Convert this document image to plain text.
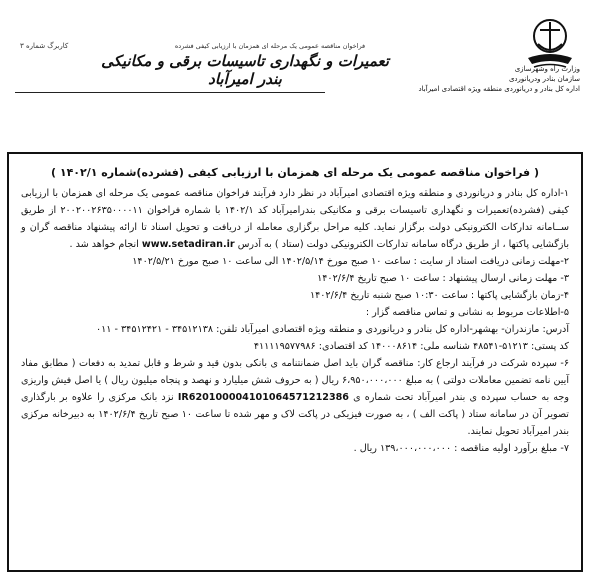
وزارت راه وشهرسازی
سازمان بنادر ودریانوردی
اداره کل بنادر و دریانوردی منطقه ویژه اقتصادی امیرآباد
کاربرگ شماره ۳	فراخوان مناقصه عمومی یک مرحله ای همزمان با ارزیابی کیفی فشرده
تعمیرات و نگهداری تاسیسات برقی و مکانیکی بندر امیرآباد
( فراخوان مناقصه عمومی یک مرحله ای همزمان با ارزیابی کیفی (فشرده)شماره ۱۴۰۲/۱ )

۱-اداره کل بنادر و دریانوردی و منطقه ویژه اقتصادی امیرآباد در نظر دارد فرآیند فراخوان مناقصه عمومی یک مرحله ای همزمان با ارزیابی کیفی (فشرده)تعمیرات و نگهداری تاسیسات برقی و مکانیکی بندرامیرآباد کد ۱۴۰۲/۱ با شماره فراخوان ۲۰۰۲۰۰۲۶۳۵۰۰۰۰۱۱ از طریق ســامانه تدارکات الکترونیکی دولت برگزار نماید. کلیه مراحل برگزاری معامله از دریافت و تحویل اسناد تا ارائه پیشنهاد مناقصه گران و بازگشایی پاکتها ، از طریق درگاه سامانه تدارکات الکترونیکی دولت (ستاد ) به آدرس www.setadiran.ir انجام خواهد شد .

۲-مهلت زمانی دریافت اسناد از سایت : ساعت ۱۰ صبح مورخ ۱۴۰۲/۵/۱۴ الی ساعت ۱۰ صبح مورخ ۱۴۰۲/۵/۲۱

۳- مهلت زمانی ارسال پیشنهاد : ساعت ۱۰ صبح تاریخ ۱۴۰۲/۶/۴

۴-زمان بازگشایی پاکتها : ساعت ۱۰:۳۰ صبح شنبه تاریخ ۱۴۰۲/۶/۴

۵-اطلاعات مربوط به نشانی و تماس مناقصه گزار :

آدرس: مازندران- بهشهر-اداره کل بنادر و دریانوردی و منطقه ویژه اقتصادی امیرآباد تلفن: ۳۴۵۱۲۱۳۸ - ۳۴۵۱۲۴۲۱ - ۰۱۱

کد پستی: ۵۱۲۱۳-۴۸۵۴۱ شناسه ملی: ۱۴۰۰۰۸۶۱۴ کد اقتصادی: ۴۱۱۱۱۹۵۷۷۹۸۶

۶- سپرده شرکت در فرآیند ارجاع کار: مناقصه گران باید اصل ضمانتنامه ی بانکی بدون قید و شرط و قابل تمدید به دفعات ( مطابق مفاد آیین نامه تضمین معاملات دولتی ) به مبلغ ۶،۹۵۰،۰۰۰،۰۰۰ ریال ( به حروف شش میلیارد و نهصد و پنجاه میلیون ریال ) یا اصل فیش واریزی وجه به حساب سپرده ی بندر امیرآباد تحت شماره ی IR620100004101064571212386 نزد بانک مرکزی را علاوه بر بارگذاری تصویر آن در سامانه ستاد ( پاکت الف ) ، به صورت فیزیکی در پاکت لاک و مهر شده تا ساعت ۱۰ صبح تاریخ ۱۴۰۲/۶/۴ به دبیرخانه مرکزی بندر امیرآباد تحویل نمایند.

۷- مبلغ برآورد اولیه مناقصه : ۱۳۹،۰۰۰،۰۰۰،۰۰۰ ریال .
